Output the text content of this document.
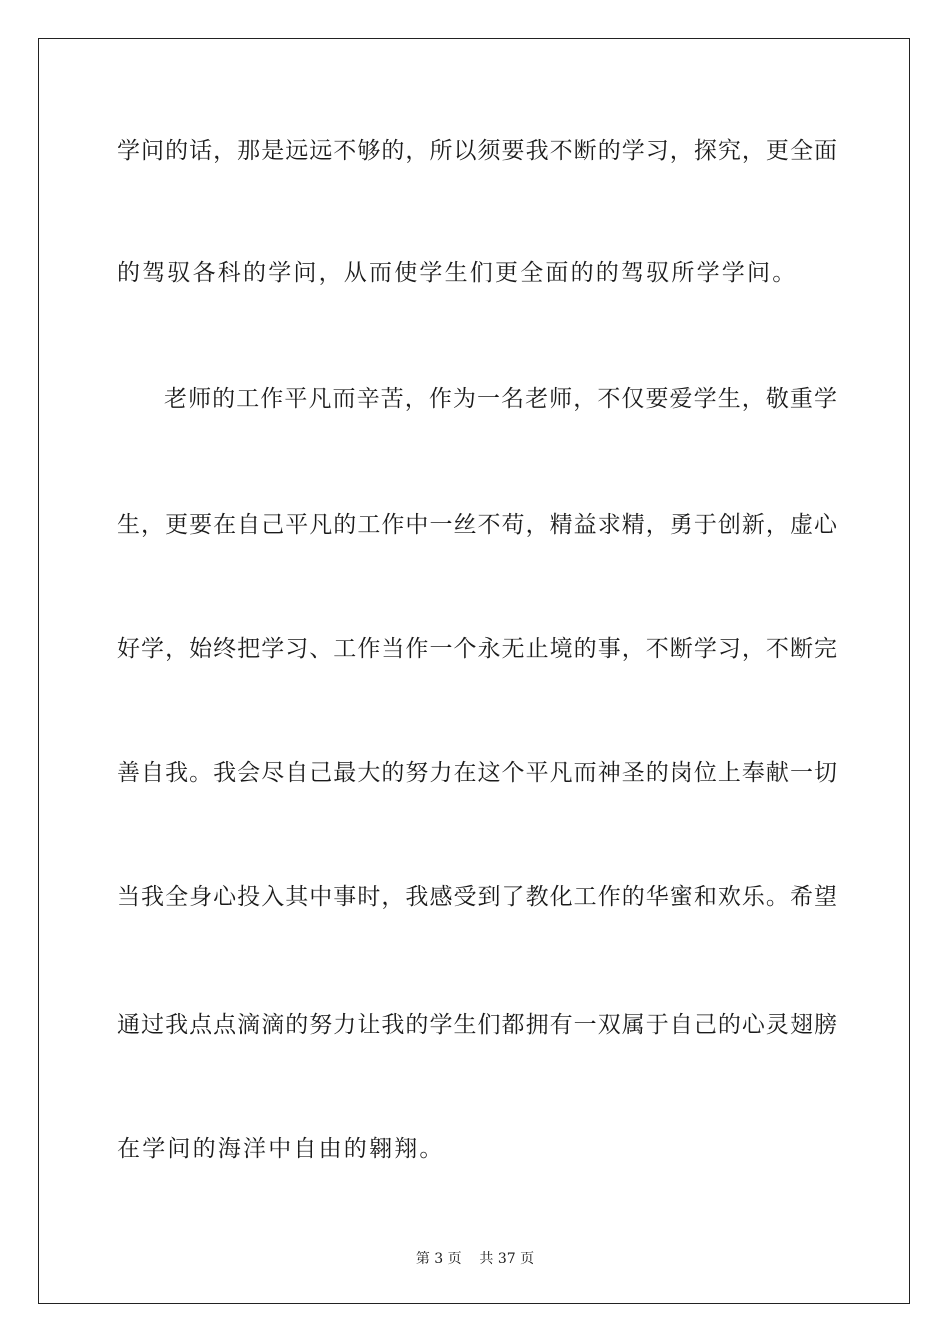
学问的话，那是远远不够的，所以须要我不断的学习，探究，更全面
的驾驭各科的学问，从而使学生们更全面的的驾驭所学学问。
老师的工作平凡而辛苦，作为一名老师，不仅要爱学生，敬重学
生，更要在自己平凡的工作中一丝不苟，精益求精，勇于创新，虚心
好学，始终把学习、工作当作一个永无止境的事，不断学习，不断完
善自我。我会尽自己最大的努力在这个平凡而神圣的岗位上奉献一切
当我全身心投入其中事时，我感受到了教化工作的华蜜和欢乐。希望
通过我点点滴滴的努力让我的学生们都拥有一双属于自己的心灵翅膀
在学问的海洋中自由的翱翔。
第 3 页    共 37 页
